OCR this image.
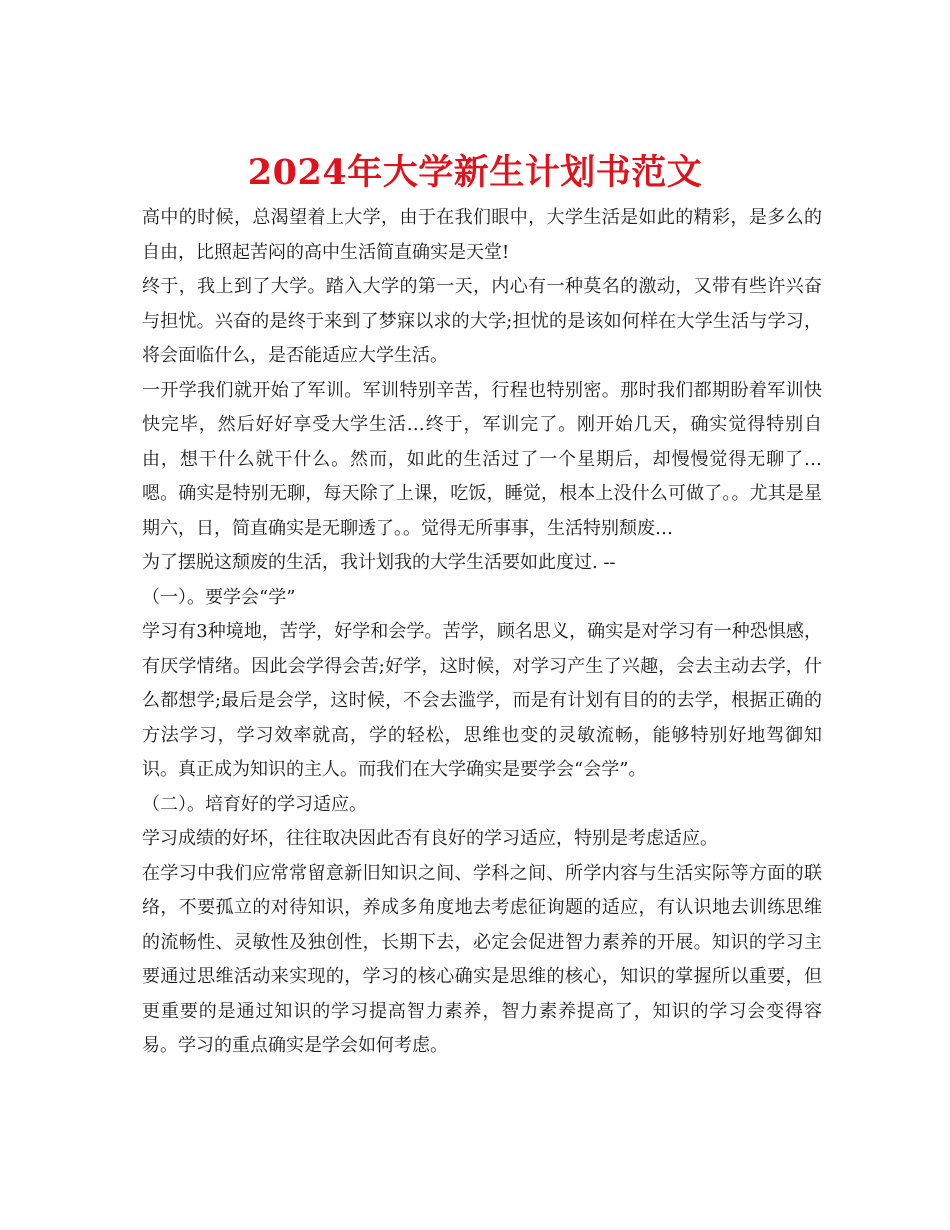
2024年大学新生计划书范文

高中的时候，总渴望着上大学，由于在我们眼中，大学生活是如此的精彩，是多么的自由，比照起苦闷的高中生活简直确实是天堂!

终于，我上到了大学。踏入大学的第一天，内心有一种莫名的激动，又带有些许兴奋与担忧。兴奋的是终于来到了梦寐以求的大学;担忧的是该如何样在大学生活与学习，将会面临什么，是否能适应大学生活。

一开学我们就开始了军训。军训特别辛苦，行程也特别密。那时我们都期盼着军训快快完毕，然后好好享受大学生活…终于，军训完了。刚开始几天，确实觉得特别自由，想干什么就干什么。然而，如此的生活过了一个星期后，却慢慢觉得无聊了…嗯。确实是特别无聊，每天除了上课，吃饭，睡觉，根本上没什么可做了。。尤其是星期六，日，简直确实是无聊透了。。觉得无所事事，生活特别颓废…

为了摆脱这颓废的生活，我计划我的大学生活要如此度过. --

（一）。要学会“学”

学习有3种境地，苦学，好学和会学。苦学，顾名思义，确实是对学习有一种恐惧感，有厌学情绪。因此会学得会苦;好学，这时候，对学习产生了兴趣，会去主动去学，什么都想学;最后是会学，这时候，不会去滥学，而是有计划有目的的去学，根据正确的方法学习，学习效率就高，学的轻松，思维也变的灵敏流畅，能够特别好地驾御知识。真正成为知识的主人。而我们在大学确实是要学会“会学”。

（二）。培育好的学习适应。

学习成绩的好坏，往往取决因此否有良好的学习适应，特别是考虑适应。

在学习中我们应常常留意新旧知识之间、学科之间、所学内容与生活实际等方面的联络，不要孤立的对待知识，养成多角度地去考虑征询题的适应，有认识地去训练思维的流畅性、灵敏性及独创性，长期下去，必定会促进智力素养的开展。知识的学习主要通过思维活动来实现的，学习的核心确实是思维的核心，知识的掌握所以重要，但更重要的是通过知识的学习提高智力素养，智力素养提高了，知识的学习会变得容易。学习的重点确实是学会如何考虑。
